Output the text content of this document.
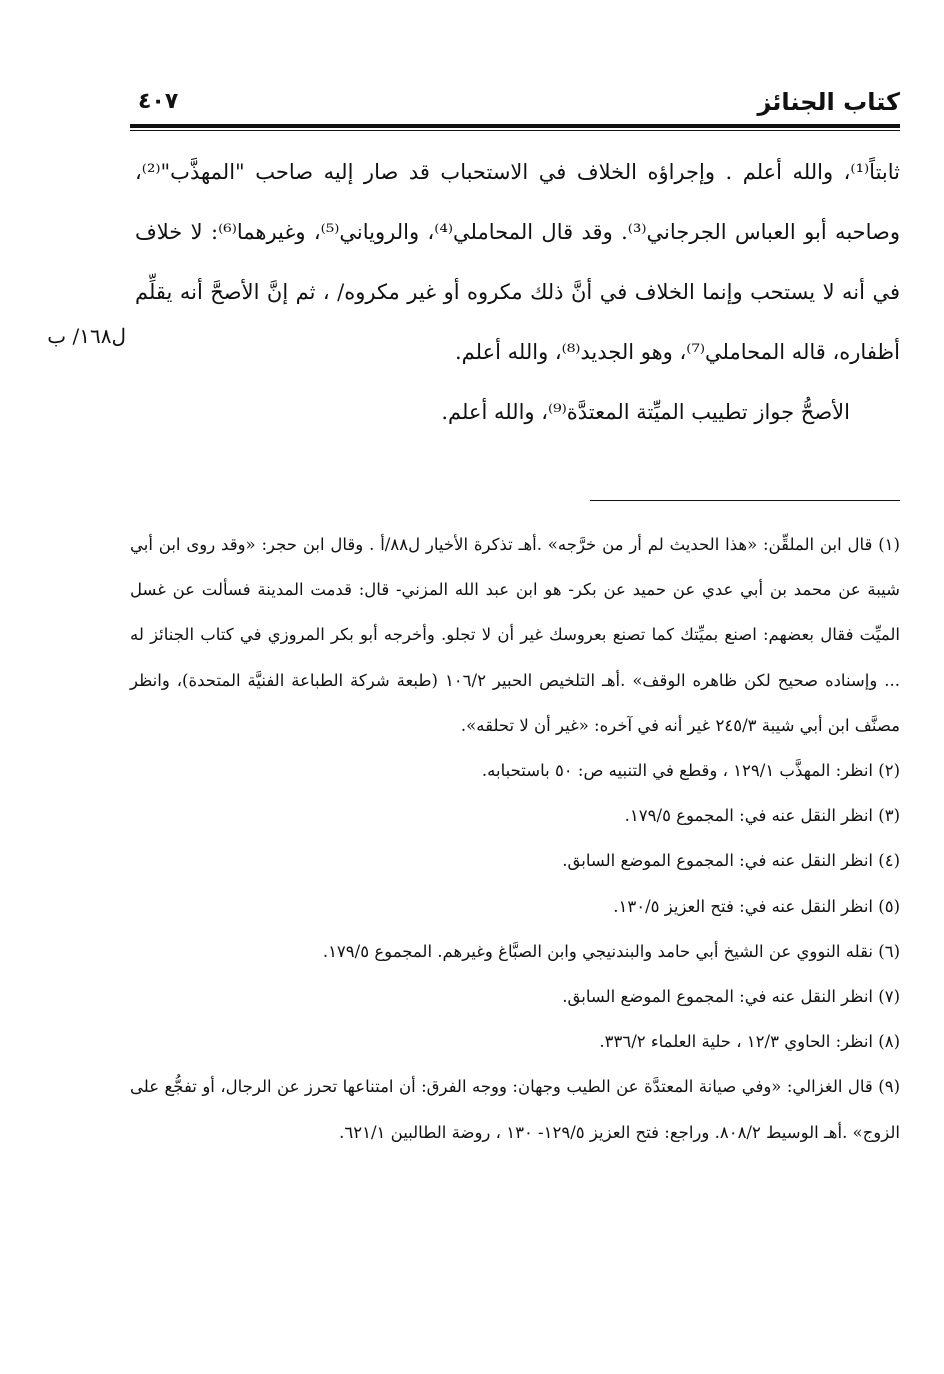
كتاب الجنائز
٤٠٧
ل١٦٨/ ب

ثابتاً⁽¹⁾، والله أعلم . وإجراؤه الخلاف في الاستحباب قد صار إليه صاحب "المهذَّب"⁽²⁾، وصاحبه أبو العباس الجرجاني⁽³⁾. وقد قال المحاملي⁽⁴⁾، والروياني⁽⁵⁾، وغيرهما⁽⁶⁾: لا خلاف في أنه لا يستحب وإنما الخلاف في أنَّ ذلك مكروه أو غير مكروه/ ، ثم إنَّ الأصحَّ أنه يقلِّم أظفاره، قاله المحاملي⁽⁷⁾، وهو الجديد⁽⁸⁾، والله أعلم.

الأصحُّ جواز تطييب الميِّتة المعتدَّة⁽⁹⁾، والله أعلم.

(١) قال ابن الملقِّن: «هذا الحديث لم أر من خرَّجه» .أهـ تذكرة الأخيار ل٨٨/أ . وقال ابن حجر: «وقد روى ابن أبي شيبة عن محمد بن أبي عدي عن حميد عن بكر- هو ابن عبد الله المزني- قال: قدمت المدينة فسألت عن غسل الميِّت فقال بعضهم: اصنع بميِّتك كما تصنع بعروسك غير أن لا تجلو. وأخرجه أبو بكر المروزي في كتاب الجنائز له ... وإسناده صحيح لكن ظاهره الوقف» .أهـ التلخيص الحبير ١٠٦/٢ (طبعة شركة الطباعة الفنيَّة المتحدة)، وانظر مصنَّف ابن أبي شيبة ٢٤٥/٣ غير أنه في آخره: «غير أن لا تحلقه».

(٢) انظر: المهذَّب ١٢٩/١ ، وقطع في التنبيه ص: ٥٠ باستحبابه.

(٣) انظر النقل عنه في: المجموع ١٧٩/٥.

(٤) انظر النقل عنه في: المجموع الموضع السابق.

(٥) انظر النقل عنه في: فتح العزيز ١٣٠/٥.

(٦) نقله النووي عن الشيخ أبي حامد والبندنيجي وابن الصبَّاغ وغيرهم. المجموع ١٧٩/٥.

(٧) انظر النقل عنه في: المجموع الموضع السابق.

(٨) انظر: الحاوي ١٢/٣ ، حلية العلماء ٣٣٦/٢.

(٩) قال الغزالي: «وفي صيانة المعتدَّة عن الطيب وجهان: ووجه الفرق: أن امتناعها تحرز عن الرجال، أو تفجُّع على الزوج» .أهـ الوسيط ٨٠٨/٢. وراجع: فتح العزيز ١٢٩/٥- ١٣٠ ، روضة الطالبين ٦٢١/١.
